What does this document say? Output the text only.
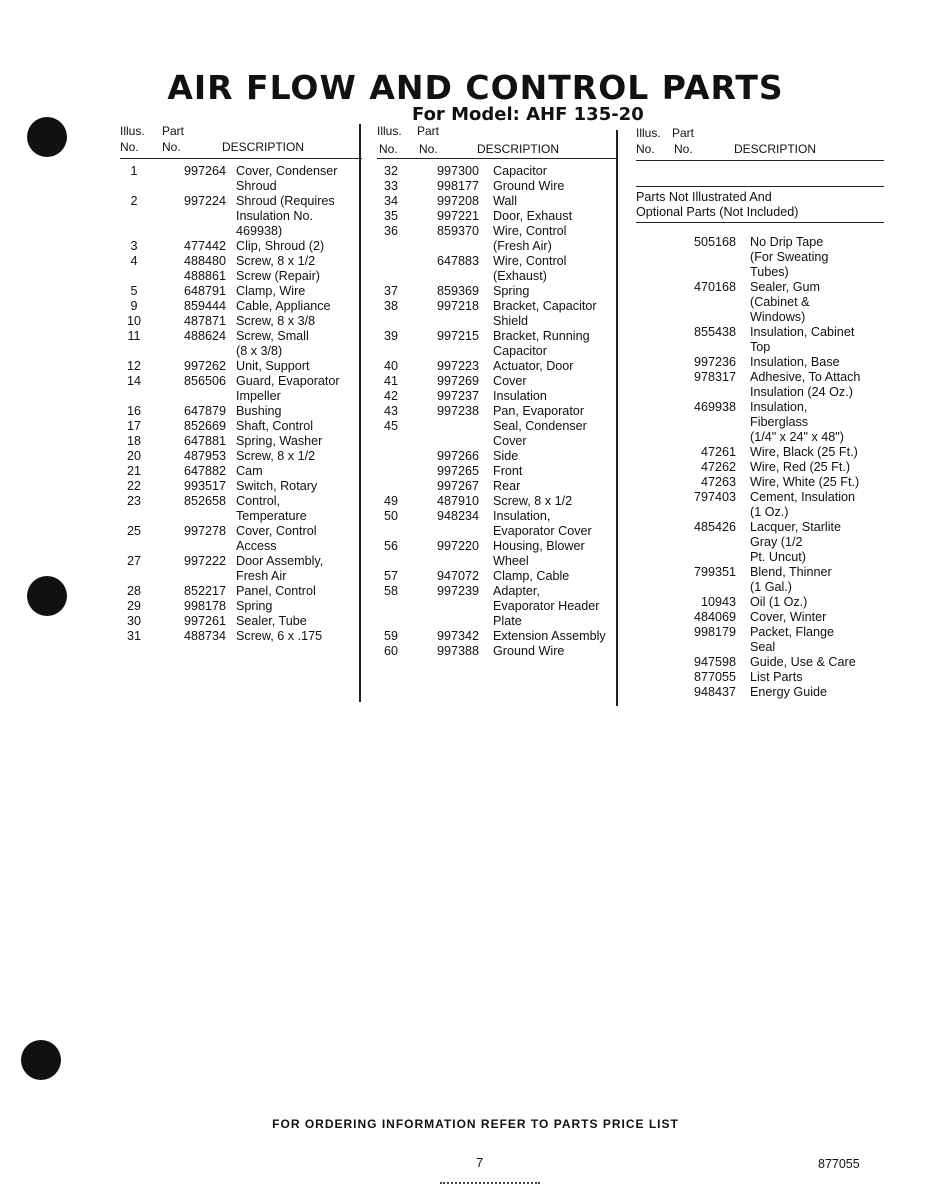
AIR FLOW AND CONTROL PARTS
For Model: AHF 135-20
Illus. Part
No. No.	DESCRIPTION
1	997264 Cover, Condenser
Shroud
2	997224 Shroud (Requires
Insulation No.
469938)
3	477442 Clip, Shroud (2)
4	488480 Screw, 8 x 1/2
488861 Screw (Repair)
5	648791 Clamp, Wire
9	859444 Cable, Appliance
10	487871 Screw, 8 x 3/8
11	488624 Screw, Small
(8 x 3/8)
12	997262 Unit, Support
14	856506 Guard, Evaporator
Impeller
16	647879 Bushing
17	852669 Shaft, Control
18	647881 Spring, Washer
20	487953 Screw, 8 x 1/2
21	647882 Cam
22	993517 Switch, Rotary
23	852658 Control,
Temperature
25	997278 Cover, Control
Access
27	997222 Door Assembly,
Fresh Air
28	852217 Panel, Control
29	998178 Spring
30	997261 Sealer, Tube
31	488734 Screw, 6 x .175
Illus. Part
No. No.	DESCRIPTION
32	997300 Capacitor
33	998177 Ground Wire
34	997208 Wall
35	997221 Door, Exhaust
36	859370 Wire, Control
(Fresh Air)
647883 Wire, Control
(Exhaust)
37	859369 Spring
38	997218 Bracket, Capacitor
Shield
39	997215 Bracket, Running
Capacitor
40	997223 Actuator, Door
41	997269 Cover
42	997237 Insulation
43	997238 Pan, Evaporator
45	Seal, Condenser
Cover
997266 Side
997265 Front
997267 Rear
49	487910 Screw, 8 x 1/2
50	948234 Insulation,
Evaporator Cover
56	997220 Housing, Blower
Wheel
57	947072 Clamp, Cable
58	997239 Adapter,
Evaporator Header
Plate
59	997342 Extension Assembly
60	997388 Ground Wire
Illus. Part
No. No.	DESCRIPTION
Parts Not Illustrated And
Optional Parts (Not Included)
505168 No Drip Tape
(For Sweating
Tubes)
470168 Sealer, Gum
(Cabinet &
Windows)
855438 Insulation, Cabinet
Top
997236 Insulation, Base
978317 Adhesive, To Attach
Insulation (24 Oz.)
469938 Insulation,
Fiberglass
(1/4" x 24" x 48")
47261 Wire, Black (25 Ft.)
47262 Wire, Red (25 Ft.)
47263 Wire, White (25 Ft.)
797403 Cement, Insulation
(1 Oz.)
485426 Lacquer, Starlite
Gray (1/2
Pt. Uncut)
799351 Blend, Thinner
(1 Gal.)
10943 Oil (1 Oz.)
484069 Cover, Winter
998179 Packet, Flange
Seal
947598 Guide, Use & Care
877055 List Parts
948437 Energy Guide
FOR ORDERING INFORMATION REFER TO PARTS PRICE LIST
7	877055
